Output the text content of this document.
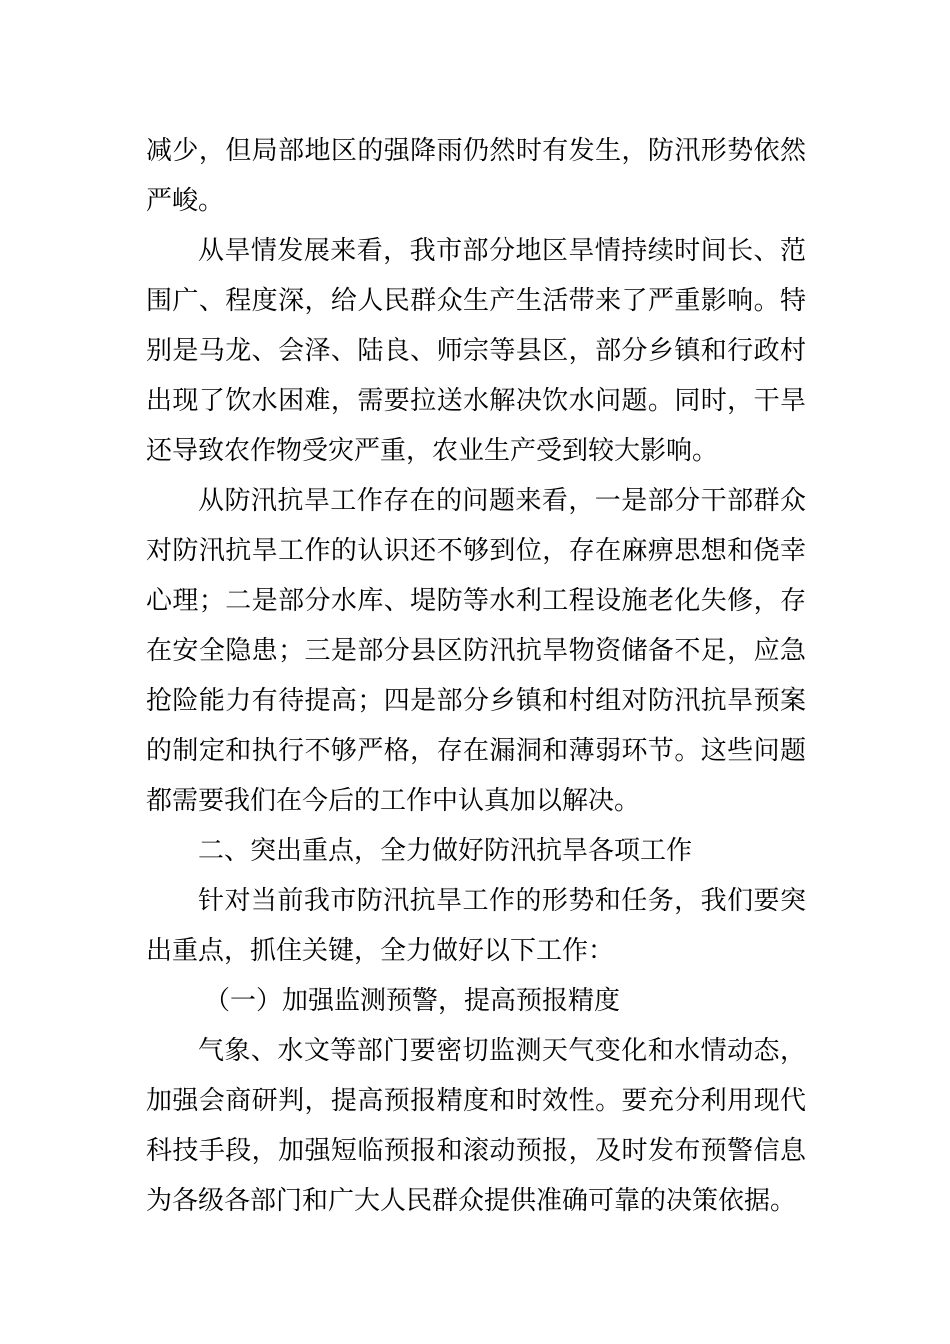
减少，但局部地区的强降雨仍然时有发生，防汛形势依然严峻。

从旱情发展来看，我市部分地区旱情持续时间长、范围广、程度深，给人民群众生产生活带来了严重影响。特别是马龙、会泽、陆良、师宗等县区，部分乡镇和行政村出现了饮水困难，需要拉送水解决饮水问题。同时，干旱还导致农作物受灾严重，农业生产受到较大影响。

从防汛抗旱工作存在的问题来看，一是部分干部群众对防汛抗旱工作的认识还不够到位，存在麻痹思想和侥幸心理；二是部分水库、堤防等水利工程设施老化失修，存在安全隐患；三是部分县区防汛抗旱物资储备不足，应急抢险能力有待提高；四是部分乡镇和村组对防汛抗旱预案的制定和执行不够严格，存在漏洞和薄弱环节。这些问题都需要我们在今后的工作中认真加以解决。

二、突出重点，全力做好防汛抗旱各项工作

针对当前我市防汛抗旱工作的形势和任务，我们要突出重点，抓住关键，全力做好以下工作：

（一）加强监测预警，提高预报精度

气象、水文等部门要密切监测天气变化和水情动态，加强会商研判，提高预报精度和时效性。要充分利用现代科技手段，加强短临预报和滚动预报，及时发布预警信息为各级各部门和广大人民群众提供准确可靠的决策依据。
